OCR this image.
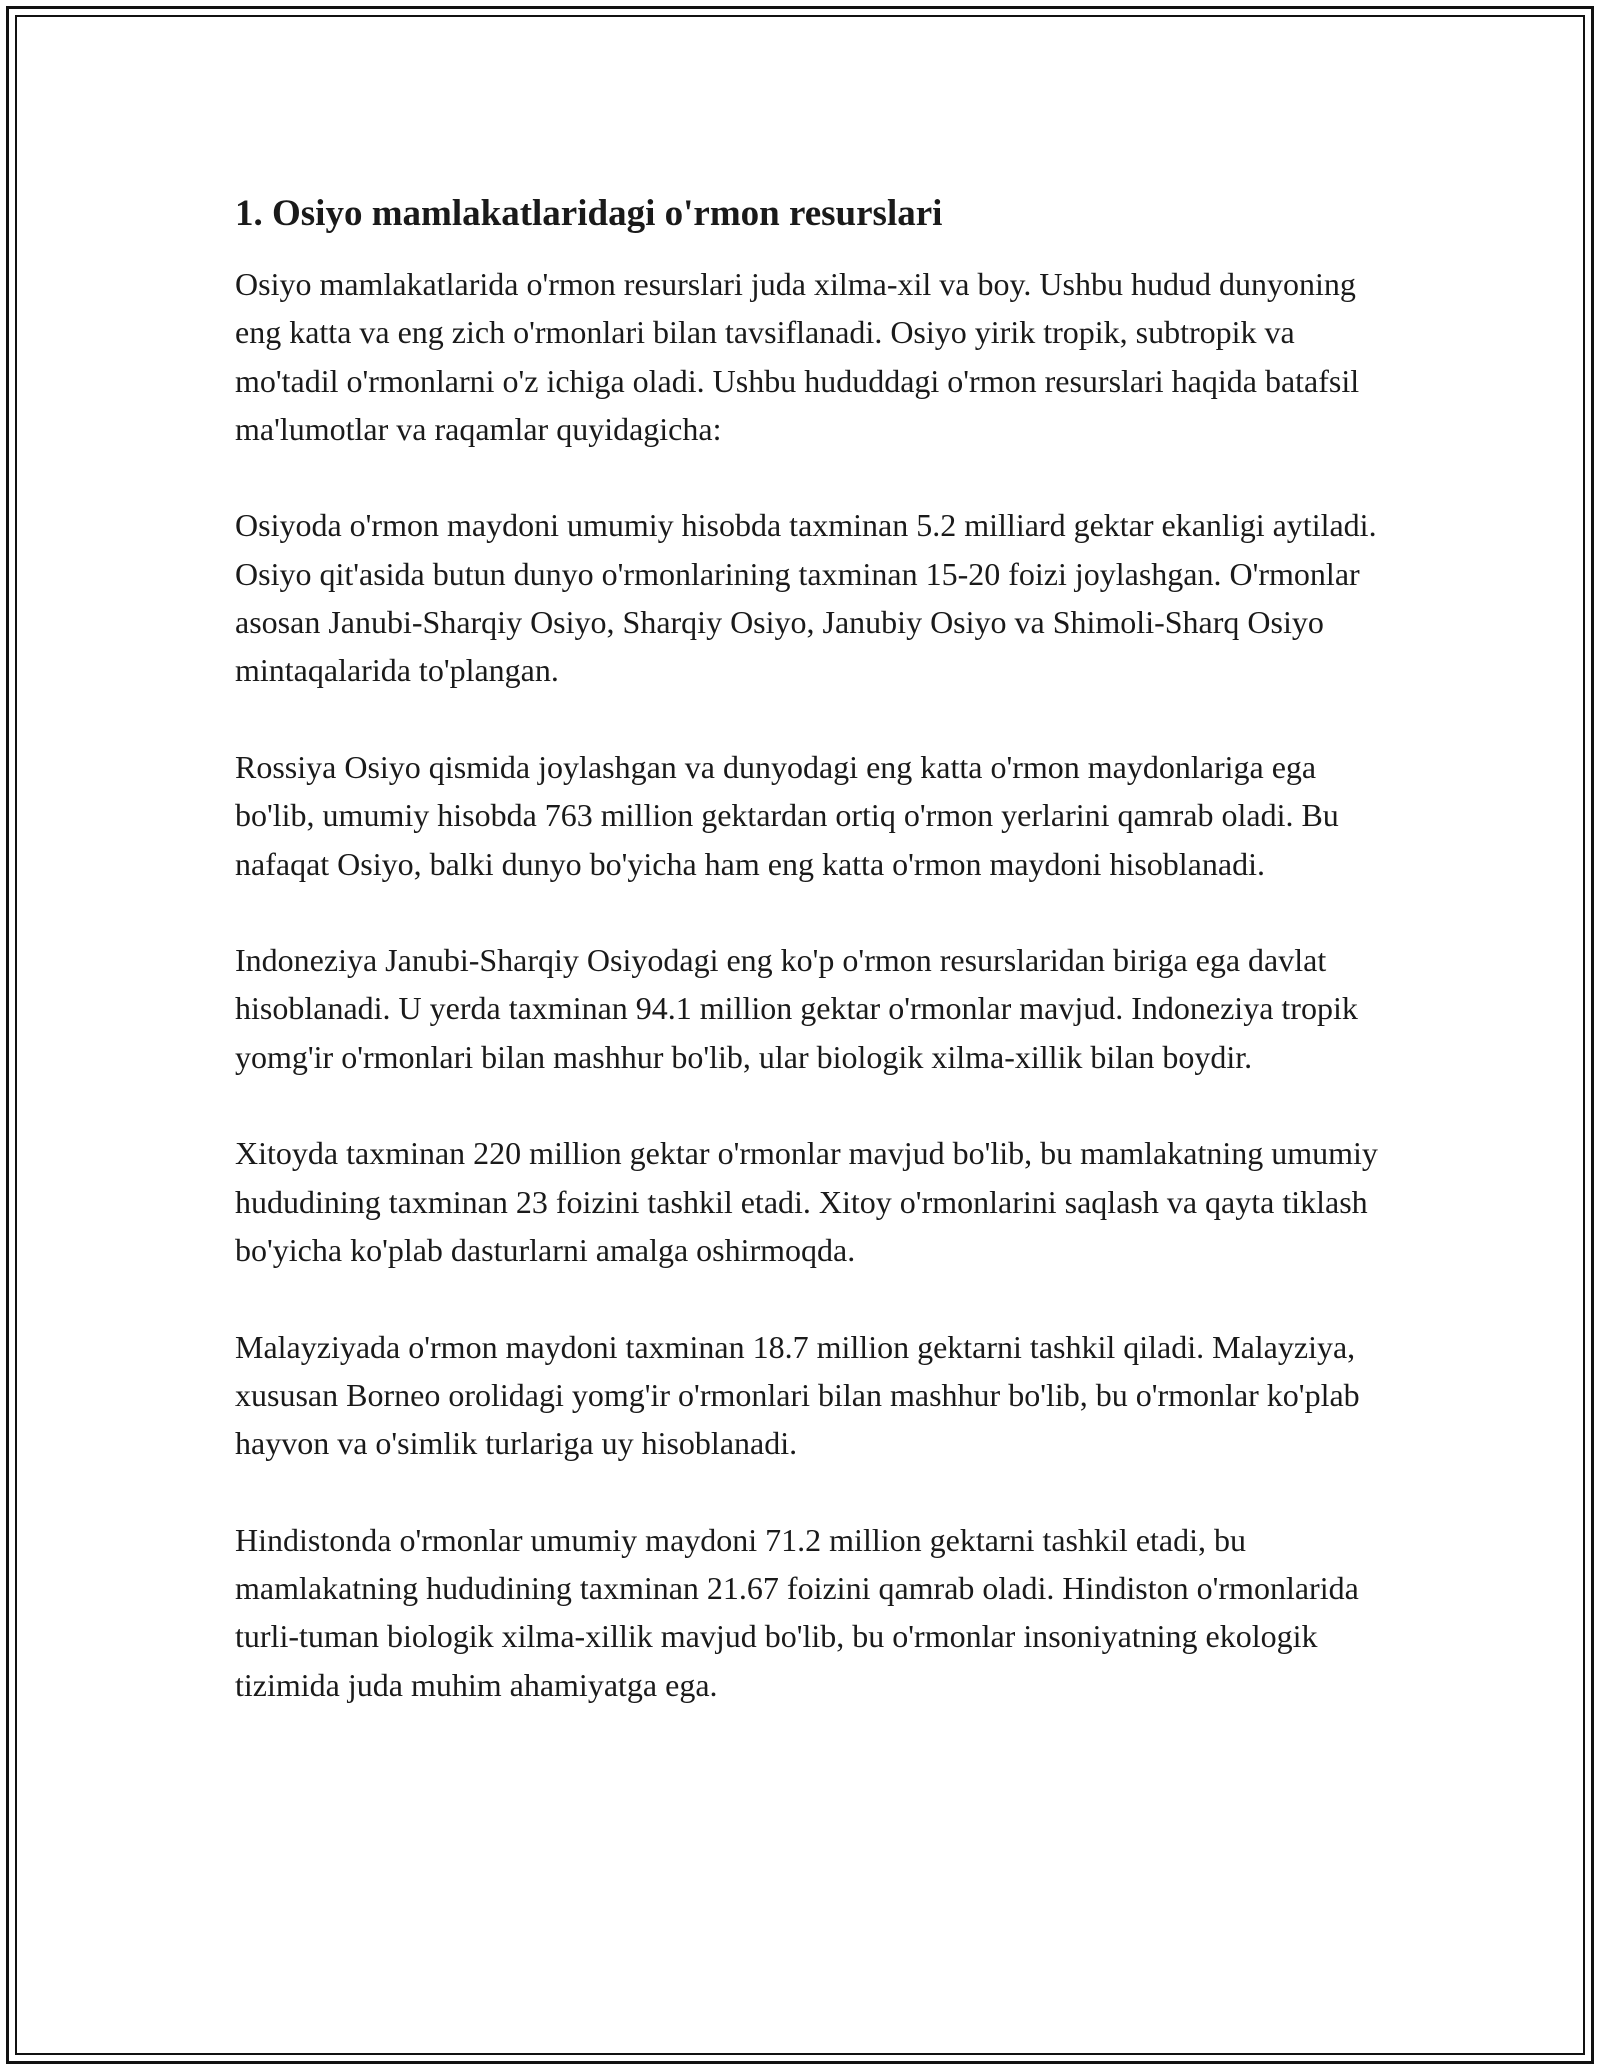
1. Osiyo mamlakatlaridagi o'rmon resurslari

Osiyo mamlakatlarida o'rmon resurslari juda xilma-xil va boy. Ushbu hudud dunyoning eng katta va eng zich o'rmonlari bilan tavsiflanadi. Osiyo yirik tropik, subtropik va mo'tadil o'rmonlarni o'z ichiga oladi. Ushbu hududdagi o'rmon resurslari haqida batafsil ma'lumotlar va raqamlar quyidagicha:

Osiyoda o'rmon maydoni umumiy hisobda taxminan 5.2 milliard gektar ekanligi aytiladi. Osiyo qit'asida butun dunyo o'rmonlarining taxminan 15-20 foizi joylashgan. O'rmonlar asosan Janubi-Sharqiy Osiyo, Sharqiy Osiyo, Janubiy Osiyo va Shimoli-Sharq Osiyo mintaqalarida to'plangan.

Rossiya Osiyo qismida joylashgan va dunyodagi eng katta o'rmon maydonlariga ega bo'lib, umumiy hisobda 763 million gektardan ortiq o'rmon yerlarini qamrab oladi. Bu nafaqat Osiyo, balki dunyo bo'yicha ham eng katta o'rmon maydoni hisoblanadi.

Indoneziya Janubi-Sharqiy Osiyodagi eng ko'p o'rmon resurslaridan biriga ega davlat hisoblanadi. U yerda taxminan 94.1 million gektar o'rmonlar mavjud. Indoneziya tropik yomg'ir o'rmonlari bilan mashhur bo'lib, ular biologik xilma-xillik bilan boydir.

Xitoyda taxminan 220 million gektar o'rmonlar mavjud bo'lib, bu mamlakatning umumiy hududining taxminan 23 foizini tashkil etadi. Xitoy o'rmonlarini saqlash va qayta tiklash bo'yicha ko'plab dasturlarni amalga oshirmoqda.

Malayziyada o'rmon maydoni taxminan 18.7 million gektarni tashkil qiladi. Malayziya, xususan Borneo orolidagi yomg'ir o'rmonlari bilan mashhur bo'lib, bu o'rmonlar ko'plab hayvon va o'simlik turlariga uy hisoblanadi.

Hindistonda o'rmonlar umumiy maydoni 71.2 million gektarni tashkil etadi, bu mamlakatning hududining taxminan 21.67 foizini qamrab oladi. Hindiston o'rmonlarida turli-tuman biologik xilma-xillik mavjud bo'lib, bu o'rmonlar insoniyatning ekologik tizimida juda muhim ahamiyatga ega.
